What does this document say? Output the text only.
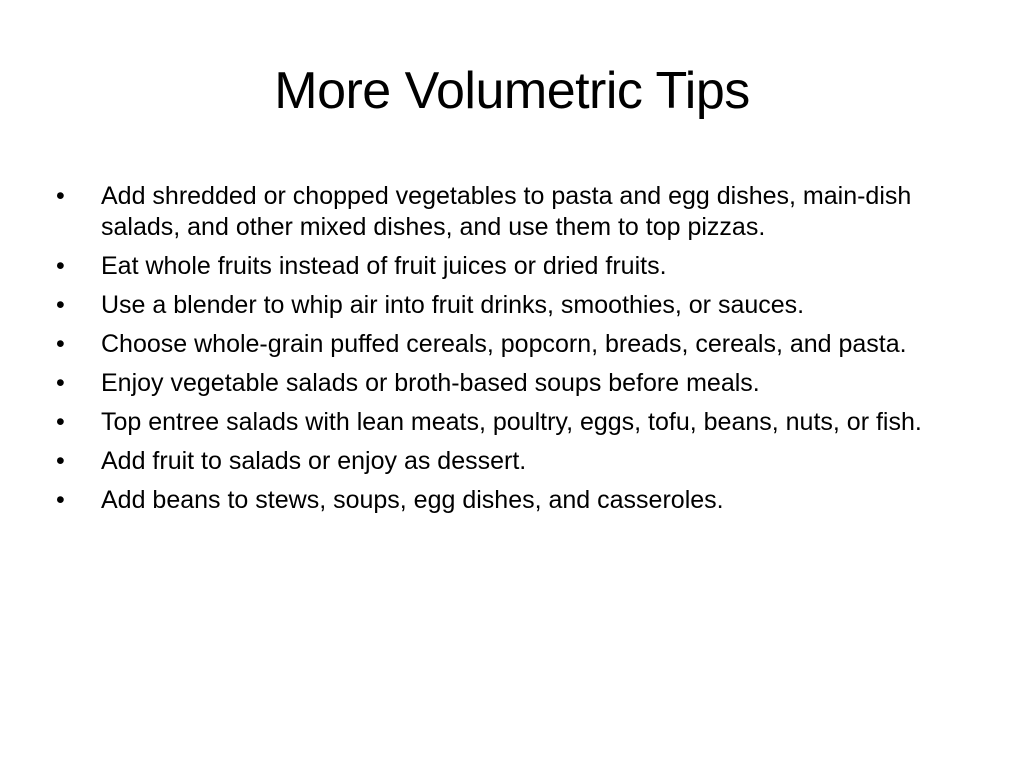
More Volumetric Tips
•	Add shredded or chopped vegetables to pasta and egg dishes, main-dish salads, and other mixed dishes, and use them to top pizzas.
•	Eat whole fruits instead of fruit juices or dried fruits.
•	Use a blender to whip air into fruit drinks, smoothies, or sauces.
•	Choose whole-grain puffed cereals, popcorn, breads, cereals, and pasta.
•	Enjoy vegetable salads or broth-based soups before meals.
•	Top entree salads with lean meats, poultry, eggs, tofu, beans, nuts, or fish.
•	Add fruit to salads or enjoy as dessert.
•	Add beans to stews, soups, egg dishes, and casseroles.
